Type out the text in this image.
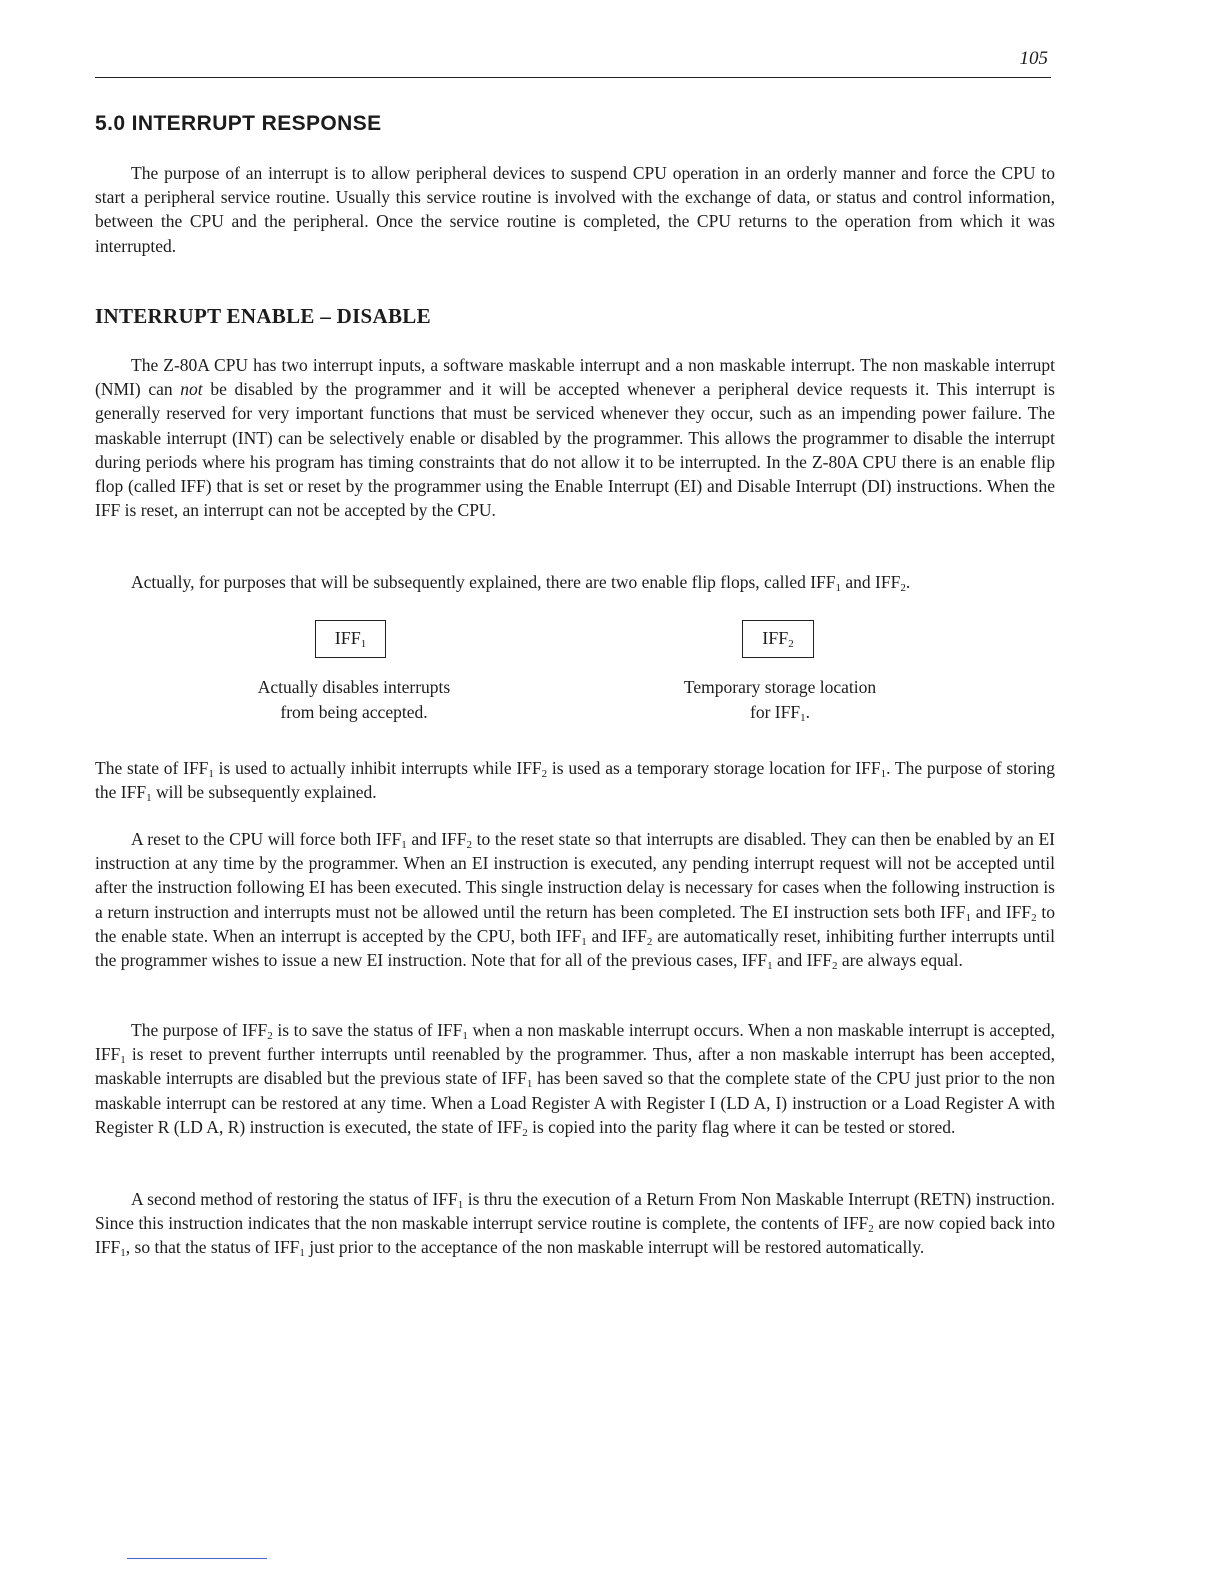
105
5.0 INTERRUPT RESPONSE

The purpose of an interrupt is to allow peripheral devices to suspend CPU operation in an orderly manner and force the CPU to start a peripheral service routine. Usually this service routine is involved with the exchange of data, or status and control information, between the CPU and the peripheral. Once the service routine is completed, the CPU returns to the operation from which it was interrupted.

INTERRUPT ENABLE – DISABLE

The Z-80A CPU has two interrupt inputs, a software maskable interrupt and a non maskable interrupt. The non maskable interrupt (NMI) can not be disabled by the programmer and it will be accepted whenever a peripheral device requests it. This interrupt is generally reserved for very important functions that must be serviced whenever they occur, such as an impending power failure. The maskable interrupt (INT) can be selectively enable or disabled by the programmer. This allows the programmer to disable the interrupt during periods where his program has timing constraints that do not allow it to be interrupted. In the Z-80A CPU there is an enable flip flop (called IFF) that is set or reset by the programmer using the Enable Interrupt (EI) and Disable Interrupt (DI) instructions. When the IFF is reset, an interrupt can not be accepted by the CPU.

Actually, for purposes that will be subsequently explained, there are two enable flip flops, called $IFF_1$ and $IFF_2$.

$IFF_1$	$IFF_2$

Actually disables interrupts
from being accepted.

Temporary storage location
for $IFF_1$.

The state of $IFF_1$ is used to actually inhibit interrupts while $IFF_2$ is used as a temporary storage location for $IFF_1$. The purpose of storing the $IFF_1$ will be subsequently explained.

A reset to the CPU will force both $IFF_1$ and $IFF_2$ to the reset state so that interrupts are disabled. They can then be enabled by an EI instruction at any time by the programmer. When an EI instruction is executed, any pending interrupt request will not be accepted until after the instruction following EI has been executed. This single instruction delay is necessary for cases when the following instruction is a return instruction and interrupts must not be allowed until the return has been completed. The EI instruction sets both $IFF_1$ and $IFF_2$ to the enable state. When an interrupt is accepted by the CPU, both $IFF_1$ and $IFF_2$ are automatically reset, inhibiting further interrupts until the programmer wishes to issue a new EI instruction. Note that for all of the previous cases, $IFF_1$ and $IFF_2$ are always equal.

The purpose of $IFF_2$ is to save the status of $IFF_1$ when a non maskable interrupt occurs. When a non maskable interrupt is accepted, $IFF_1$ is reset to prevent further interrupts until reenabled by the programmer. Thus, after a non maskable interrupt has been accepted, maskable interrupts are disabled but the previous state of $IFF_1$ has been saved so that the complete state of the CPU just prior to the non maskable interrupt can be restored at any time. When a Load Register A with Register I (LD A, I) instruction or a Load Register A with Register R (LD A, R) instruction is executed, the state of $IFF_2$ is copied into the parity flag where it can be tested or stored.

A second method of restoring the status of $IFF_1$ is thru the execution of a Return From Non Maskable Interrupt (RETN) instruction. Since this instruction indicates that the non maskable interrupt service routine is complete, the contents of $IFF_2$ are now copied back into $IFF_1$, so that the status of $IFF_1$ just prior to the acceptance of the non maskable interrupt will be restored automatically.
